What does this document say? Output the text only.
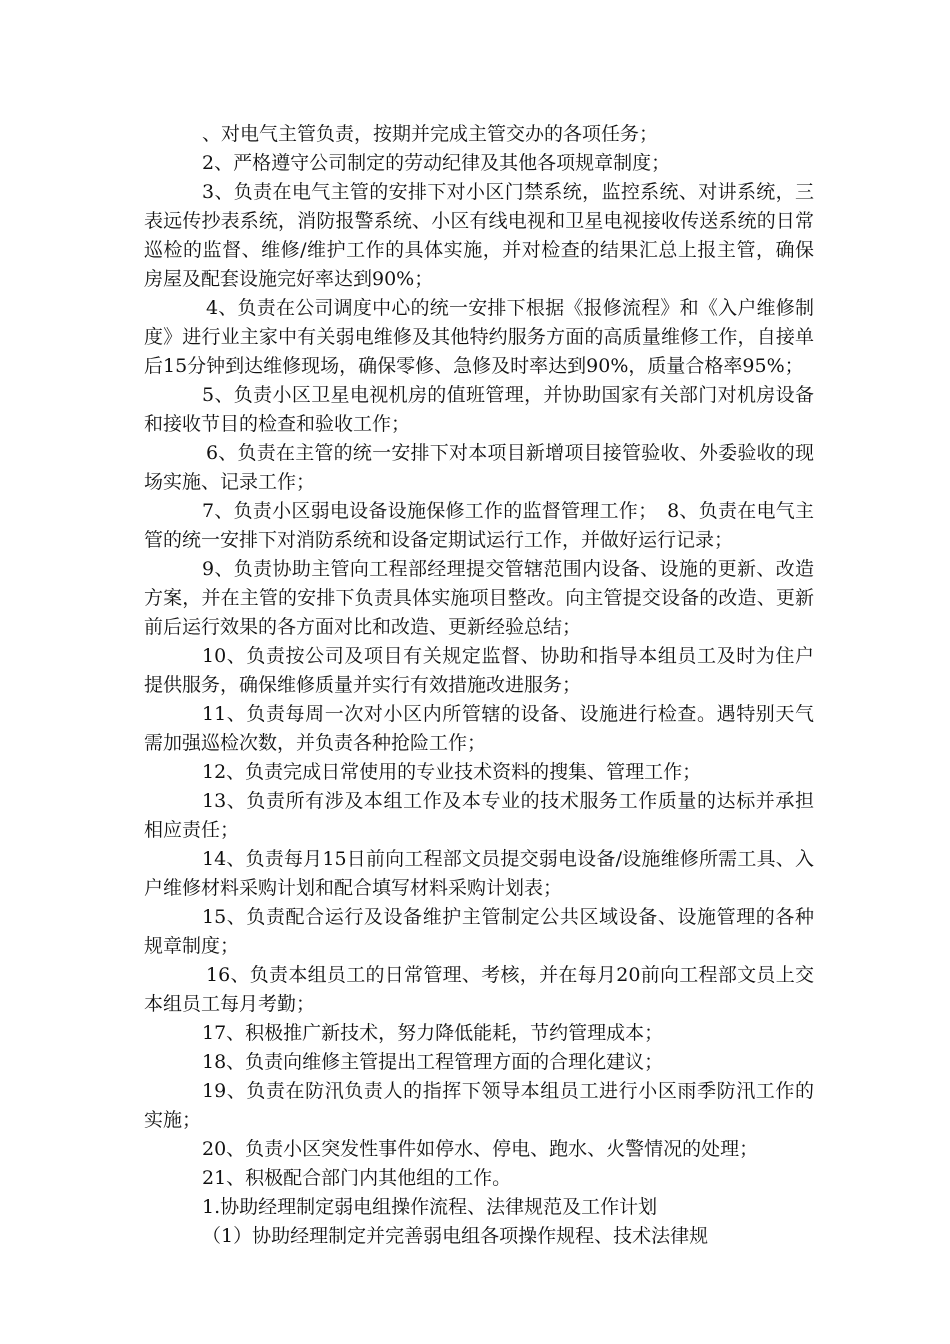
、对电气主管负责，按期并完成主管交办的各项任务；

2、严格遵守公司制定的劳动纪律及其他各项规章制度；

3、负责在电气主管的安排下对小区门禁系统，监控系统、对讲系统，三表远传抄表系统，消防报警系统、小区有线电视和卫星电视接收传送系统的日常巡检的监督、维修/维护工作的具体实施，并对检查的结果汇总上报主管，确保房屋及配套设施完好率达到90%；

4、负责在公司调度中心的统一安排下根据《报修流程》和《入户维修制度》进行业主家中有关弱电维修及其他特约服务方面的高质量维修工作，自接单后15分钟到达维修现场，确保零修、急修及时率达到90%，质量合格率95%；

5、负责小区卫星电视机房的值班管理，并协助国家有关部门对机房设备和接收节目的检查和验收工作；

6、负责在主管的统一安排下对本项目新增项目接管验收、外委验收的现场实施、记录工作；

7、负责小区弱电设备设施保修工作的监督管理工作；　8、负责在电气主管的统一安排下对消防系统和设备定期试运行工作，并做好运行记录；

9、负责协助主管向工程部经理提交管辖范围内设备、设施的更新、改造方案，并在主管的安排下负责具体实施项目整改。向主管提交设备的改造、更新前后运行效果的各方面对比和改造、更新经验总结；

10、负责按公司及项目有关规定监督、协助和指导本组员工及时为住户提供服务，确保维修质量并实行有效措施改进服务；

11、负责每周一次对小区内所管辖的设备、设施进行检查。遇特别天气需加强巡检次数，并负责各种抢险工作；

12、负责完成日常使用的专业技术资料的搜集、管理工作；

13、负责所有涉及本组工作及本专业的技术服务工作质量的达标并承担相应责任；

14、负责每月15日前向工程部文员提交弱电设备/设施维修所需工具、入户维修材料采购计划和配合填写材料采购计划表；

15、负责配合运行及设备维护主管制定公共区域设备、设施管理的各种规章制度；

16、负责本组员工的日常管理、考核，并在每月20前向工程部文员上交本组员工每月考勤；

17、积极推广新技术，努力降低能耗，节约管理成本；

18、负责向维修主管提出工程管理方面的合理化建议；

19、负责在防汛负责人的指挥下领导本组员工进行小区雨季防汛工作的实施；

20、负责小区突发性事件如停水、停电、跑水、火警情况的处理；

21、积极配合部门内其他组的工作。

1.协助经理制定弱电组操作流程、法律规范及工作计划

（1）协助经理制定并完善弱电组各项操作规程、技术法律规
